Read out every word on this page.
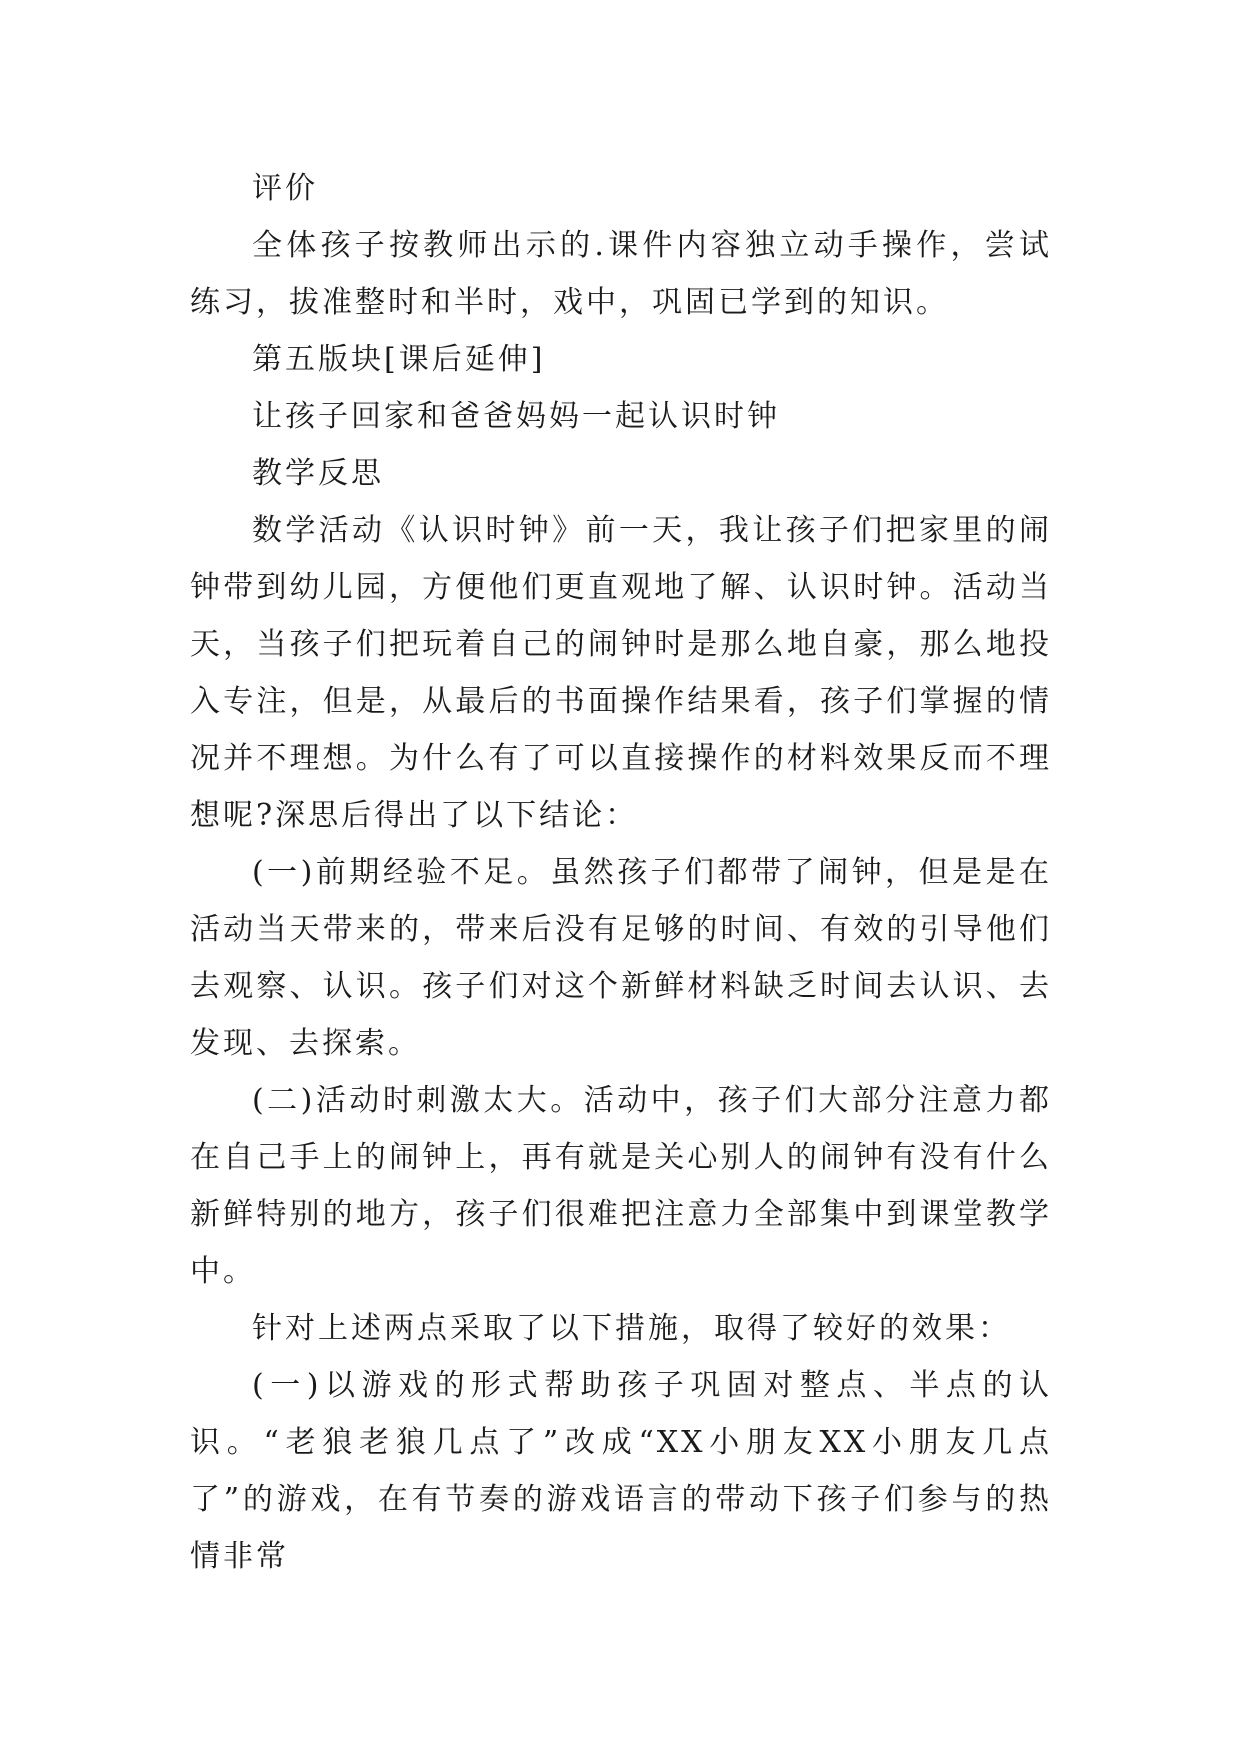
评价

全体孩子按教师出示的.课件内容独立动手操作，尝试练习，拔准整时和半时，戏中，巩固已学到的知识。

第五版块[课后延伸]

让孩子回家和爸爸妈妈一起认识时钟

教学反思

数学活动《认识时钟》前一天，我让孩子们把家里的闹钟带到幼儿园，方便他们更直观地了解、认识时钟。活动当天，当孩子们把玩着自己的闹钟时是那么地自豪，那么地投入专注，但是，从最后的书面操作结果看，孩子们掌握的情况并不理想。为什么有了可以直接操作的材料效果反而不理想呢?深思后得出了以下结论：

(一)前期经验不足。虽然孩子们都带了闹钟，但是是在活动当天带来的，带来后没有足够的时间、有效的引导他们去观察、认识。孩子们对这个新鲜材料缺乏时间去认识、去发现、去探索。

(二)活动时刺激太大。活动中，孩子们大部分注意力都在自己手上的闹钟上，再有就是关心别人的闹钟有没有什么新鲜特别的地方，孩子们很难把注意力全部集中到课堂教学中。

针对上述两点采取了以下措施，取得了较好的效果：

(一)以游戏的形式帮助孩子巩固对整点、半点的认识。“老狼老狼几点了”改成“XX小朋友XX小朋友几点了”的游戏，在有节奏的游戏语言的带动下孩子们参与的热情非常
